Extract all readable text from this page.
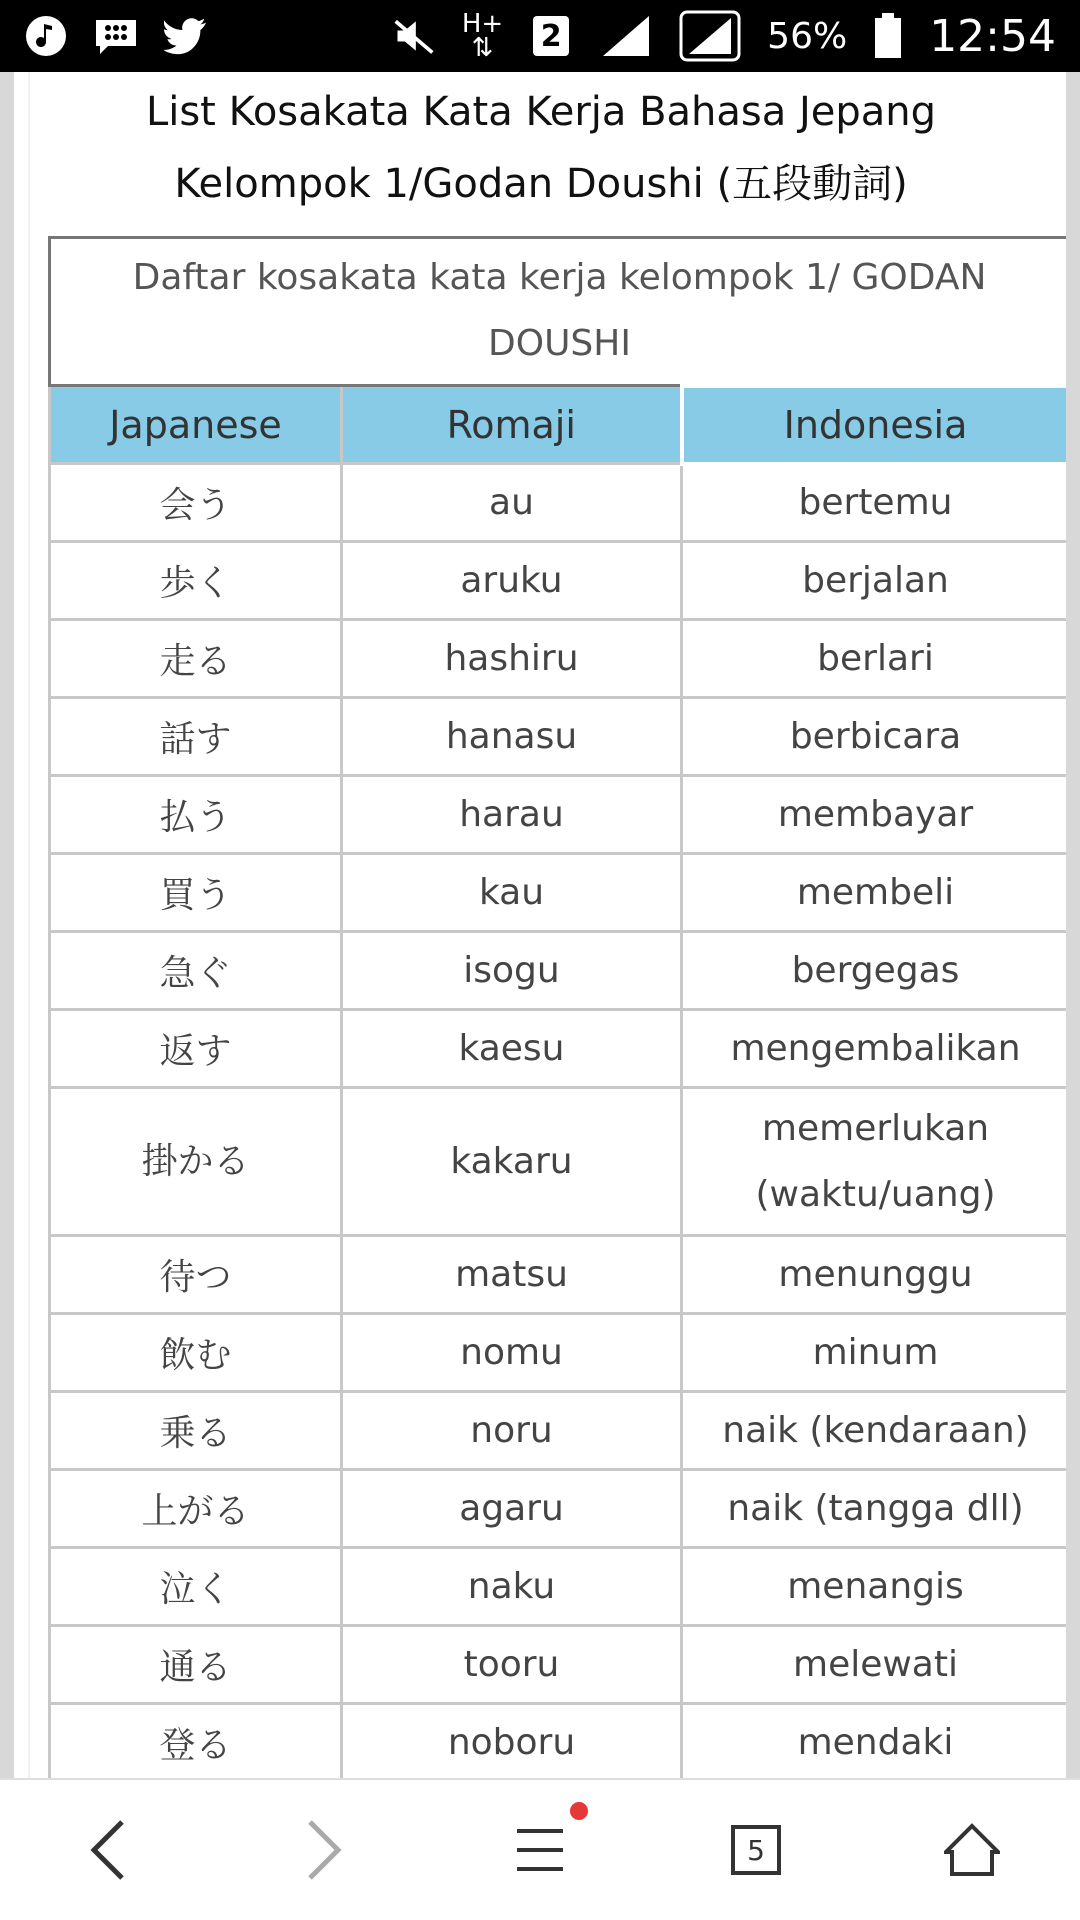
H+
⇅	2	56% 12:54
List Kosakata Kata Kerja Bahasa Jepang
Kelompok 1/Godan Doushi (五段動詞)
Daftar kosakata kata kerja kelompok 1/ GODAN DOUSHI		
Japanese	Romaji	Indonesia
会う	au	bertemu
歩く	aruku	berjalan
走る	hashiru	berlari
話す	hanasu	berbicara
払う	harau	membayar
買う	kau	membeli
急ぐ	isogu	bergegas
返す	kaesu	mengembalikan
掛かる	kakaru	memerlukan (waktu/uang)
待つ	matsu	menunggu
飲む	nomu	minum
乗る	noru	naik (kendaraan)
上がる	agaru	naik (tangga dll)
泣く	naku	menangis
通る	tooru	melewati
登る	noboru	mendaki
5
